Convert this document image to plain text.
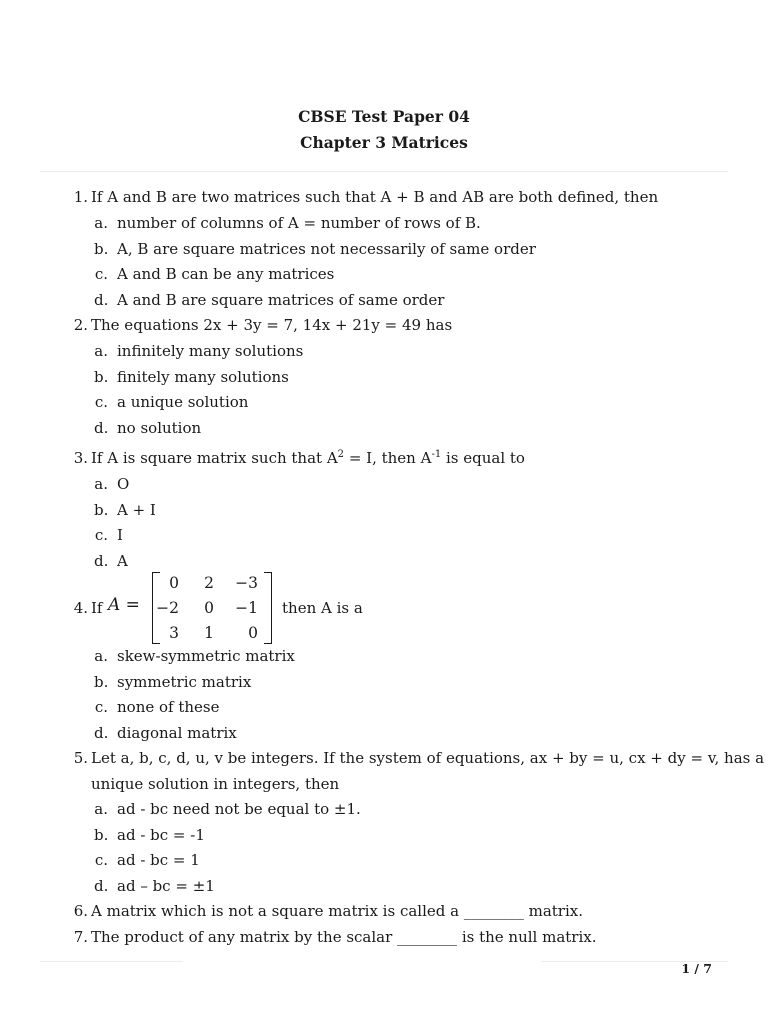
CBSE Test Paper 04
Chapter 3 Matrices
1. If A and B are two matrices such that A + B and AB are both defined, then
a. number of columns of A = number of rows of B.
b. A, B are square matrices not necessarily of same order
c. A and B can be any matrices
d. A and B are square matrices of same order
2. The equations 2x + 3y = 7, 14x + 21y = 49 has
a. infinitely many solutions
b. finitely many solutions
c. a unique solution
d. no solution
3. If A is square matrix such that $A^2 = I$, then $A^{-1}$ is equal to
a. O
b. A + I
c. I
d. A
4. If A =
0	2	−3
−2	0	−1
3	1	0
then A is a
a. skew-symmetric matrix
b. symmetric matrix
c. none of these
d. diagonal matrix
5. Let a, b, c, d, u, v be integers. If the system of equations, ax + by = u, cx + dy = v, has a
unique solution in integers, then
a. ad - bc need not be equal to ±1.
b. ad - bc = -1
c. ad - bc = 1
d. ad – bc = ±1
6. A matrix which is not a square matrix is called a ________ matrix.
7. The product of any matrix by the scalar ________ is the null matrix.
1 / 7
